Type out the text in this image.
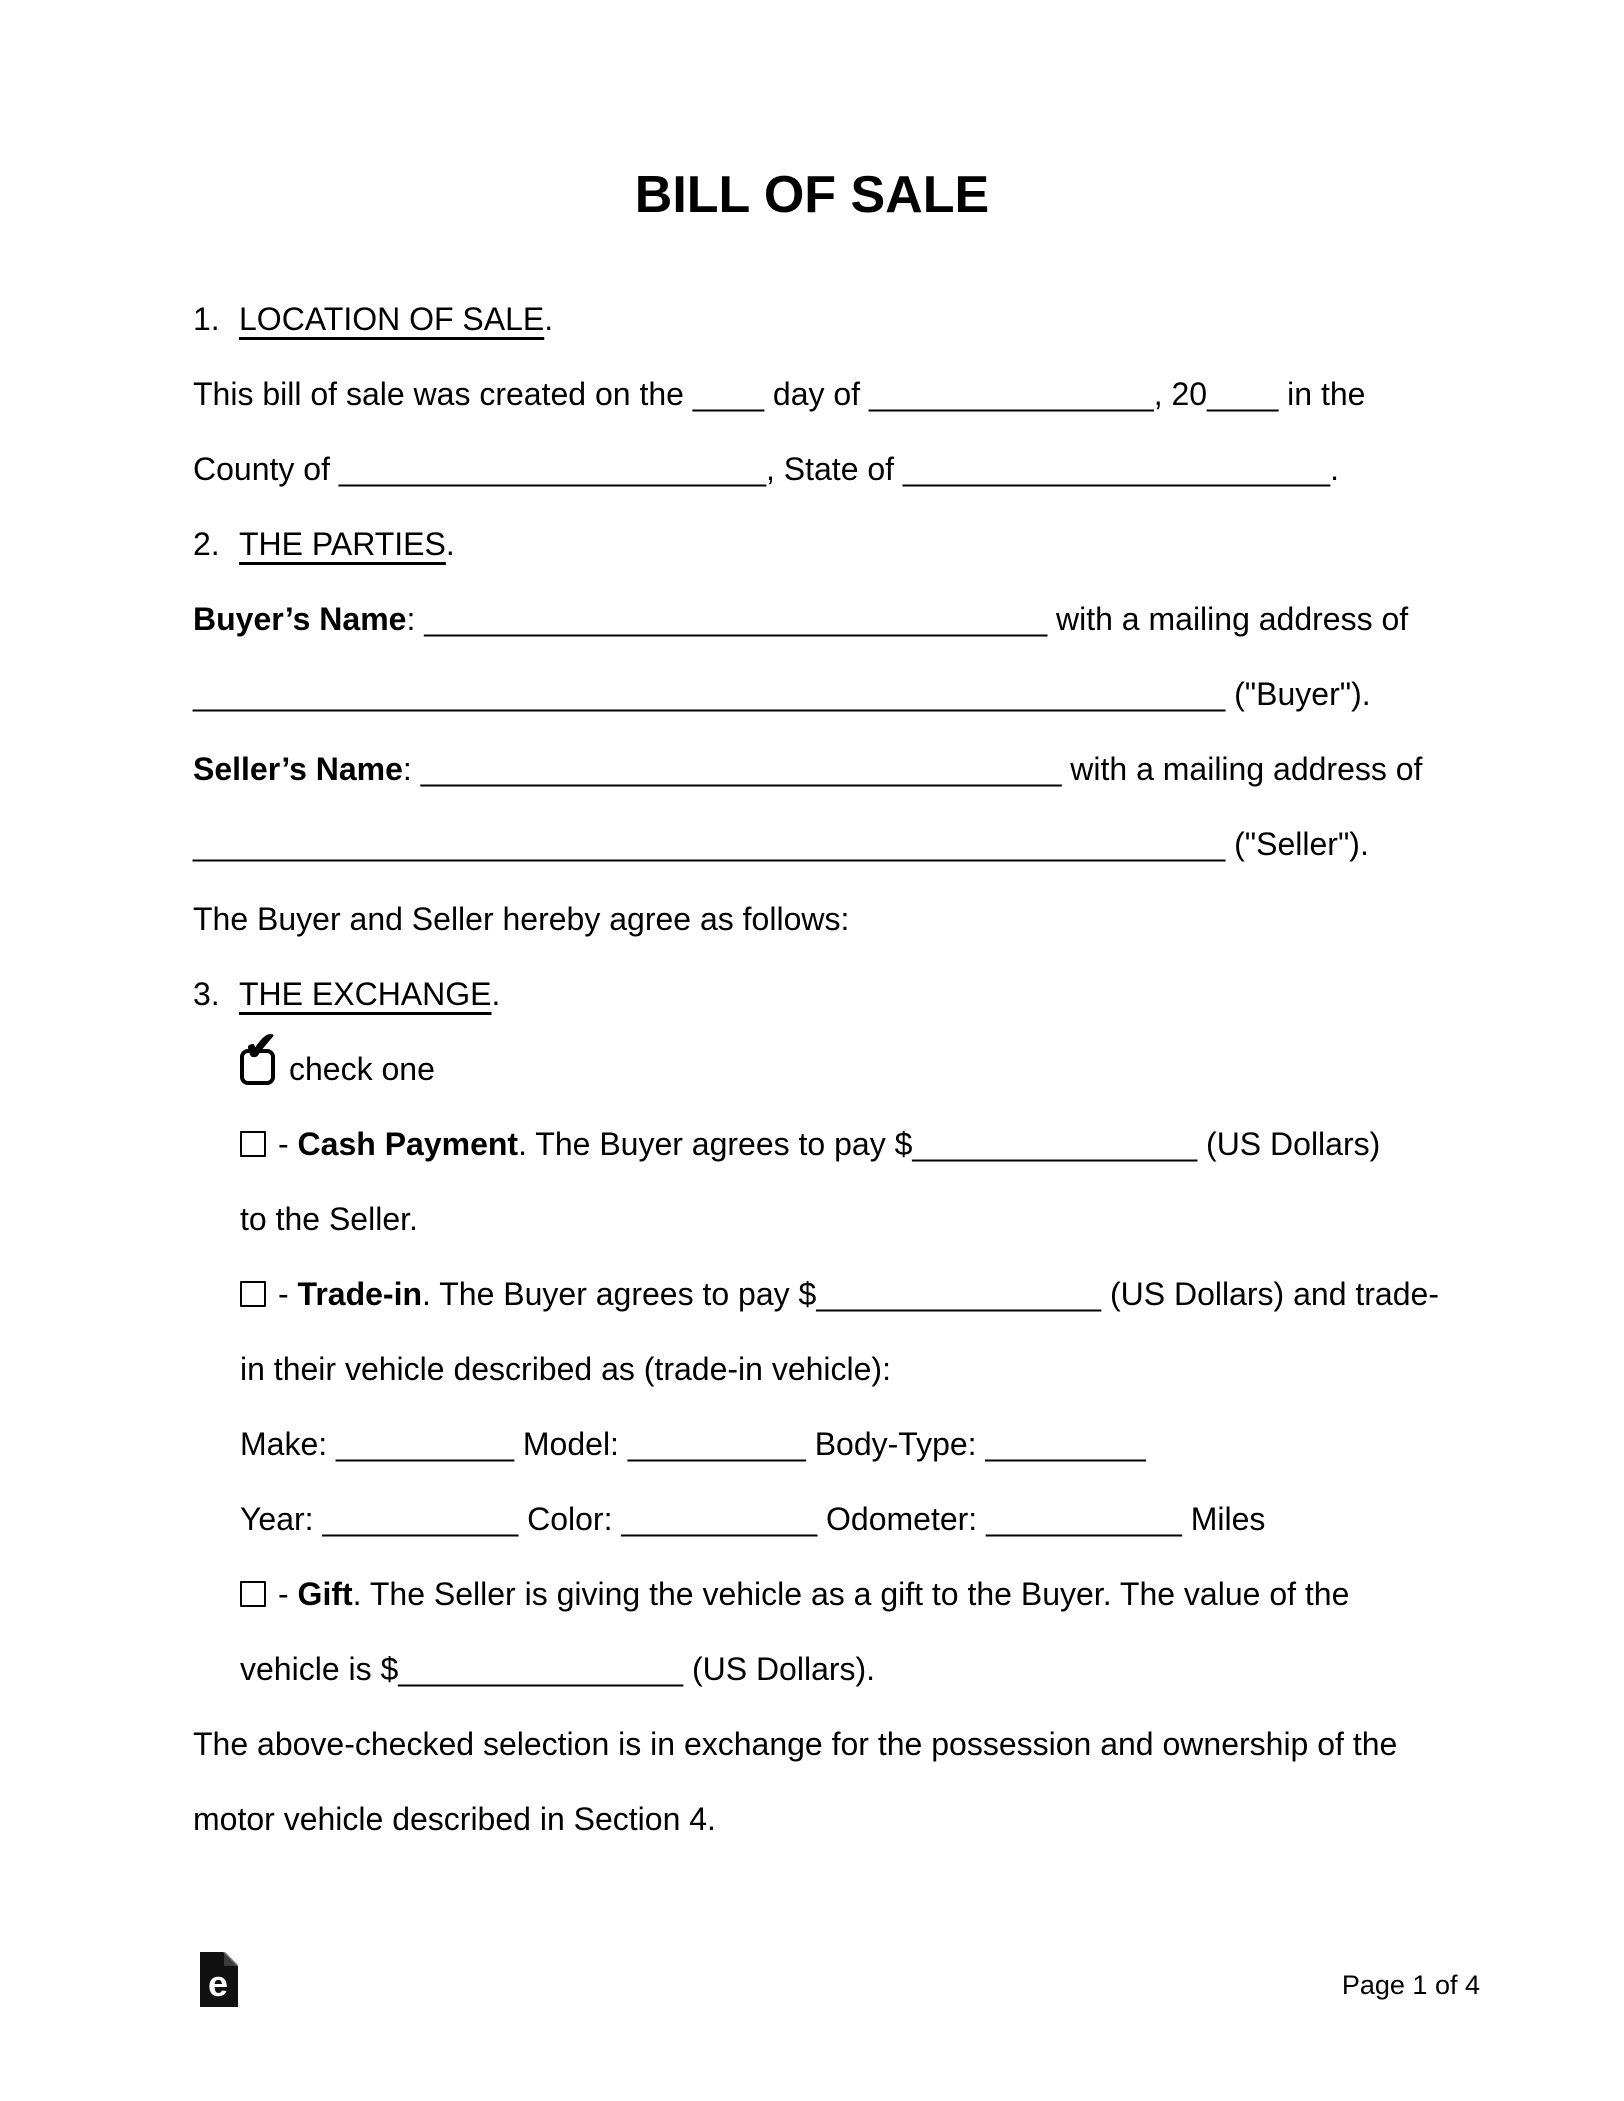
BILL OF SALE
1. LOCATION OF SALE.
This bill of sale was created on the ____ day of ________________, 20____ in the
County of ________________________, State of ________________________.
2. THE PARTIES.
Buyer’s Name: ___________________________________ with a mailing address of
__________________________________________________________ ("Buyer").
Seller’s Name: ____________________________________ with a mailing address of
__________________________________________________________ ("Seller").
The Buyer and Seller hereby agree as follows:
3. THE EXCHANGE.
✔ check one
- Cash Payment. The Buyer agrees to pay $________________ (US Dollars)
to the Seller.
- Trade-in. The Buyer agrees to pay $________________ (US Dollars) and trade-
in their vehicle described as (trade-in vehicle):
Make: __________ Model: __________ Body-Type: _________
Year: ___________ Color: ___________ Odometer: ___________ Miles
- Gift. The Seller is giving the vehicle as a gift to the Buyer. The value of the
vehicle is $________________ (US Dollars).
The above-checked selection is in exchange for the possession and ownership of the
motor vehicle described in Section 4.
e	Page 1 of 4
